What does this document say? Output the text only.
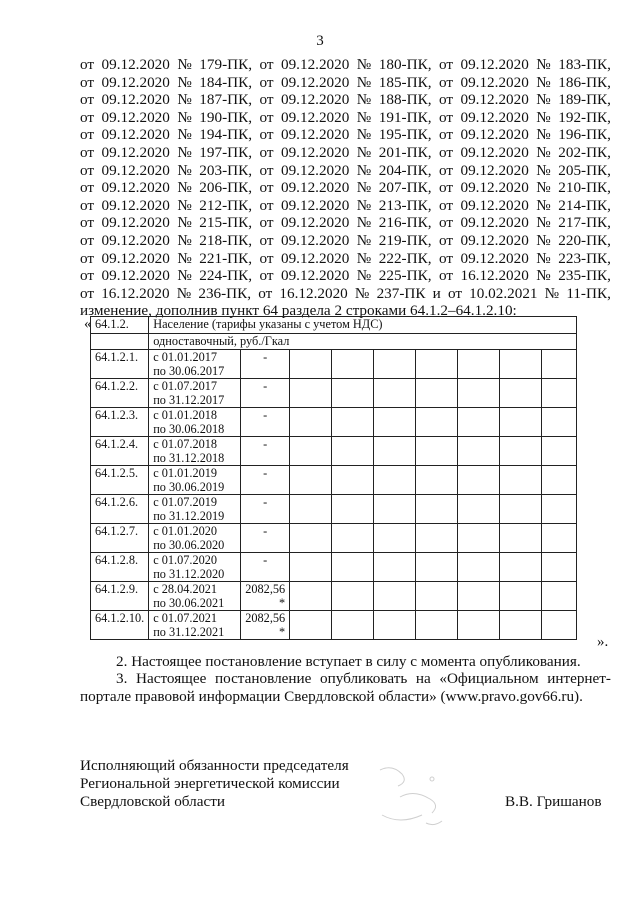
3
от 09.12.2020 № 179-ПК, от 09.12.2020 № 180-ПК, от 09.12.2020 № 183-ПК,
от 09.12.2020 № 184-ПК, от 09.12.2020 № 185-ПК, от 09.12.2020 № 186-ПК,
от 09.12.2020 № 187-ПК, от 09.12.2020 № 188-ПК, от 09.12.2020 № 189-ПК,
от 09.12.2020 № 190-ПК, от 09.12.2020 № 191-ПК, от 09.12.2020 № 192-ПК,
от 09.12.2020 № 194-ПК, от 09.12.2020 № 195-ПК, от 09.12.2020 № 196-ПК,
от 09.12.2020 № 197-ПК, от 09.12.2020 № 201-ПК, от 09.12.2020 № 202-ПК,
от 09.12.2020 № 203-ПК, от 09.12.2020 № 204-ПК, от 09.12.2020 № 205-ПК,
от 09.12.2020 № 206-ПК, от 09.12.2020 № 207-ПК, от 09.12.2020 № 210-ПК,
от 09.12.2020 № 212-ПК, от 09.12.2020 № 213-ПК, от 09.12.2020 № 214-ПК,
от 09.12.2020 № 215-ПК, от 09.12.2020 № 216-ПК, от 09.12.2020 № 217-ПК,
от 09.12.2020 № 218-ПК, от 09.12.2020 № 219-ПК, от 09.12.2020 № 220-ПК,
от 09.12.2020 № 221-ПК, от 09.12.2020 № 222-ПК, от 09.12.2020 № 223-ПК,
от 09.12.2020 № 224-ПК, от 09.12.2020 № 225-ПК, от 16.12.2020 № 235-ПК,
от 16.12.2020 № 236-ПК, от 16.12.2020 № 237-ПК и от 10.02.2021 № 11-ПК,
изменение, дополнив пункт 64 раздела 2 строками 64.1.2–64.1.2.10:
« 64.1.2.	Население (тарифы указаны с учетом НДС)								
	одноставочный, руб./Гкал								
64.1.2.1.	с 01.01.2017
по 30.06.2017	-							
64.1.2.2.	с 01.07.2017
по 31.12.2017	-							
64.1.2.3.	с 01.01.2018
по 30.06.2018	-							
64.1.2.4.	с 01.07.2018
по 31.12.2018	-							
64.1.2.5.	с 01.01.2019
по 30.06.2019	-							
64.1.2.6.	с 01.07.2019
по 31.12.2019	-							
64.1.2.7.	с 01.01.2020
по 30.06.2020	-							
64.1.2.8.	с 01.07.2020
по 31.12.2020	-							
64.1.2.9.	с 28.04.2021
по 30.06.2021	2082,56 *							
64.1.2.10.	с 01.07.2021
по 31.12.2021	2082,56 *							
».
2. Настоящее постановление вступает в силу с момента опубликования.
3. Настоящее постановление опубликовать на «Официальном интернет-
портале правовой информации Свердловской области» (www.pravo.gov66.ru).
Исполняющий обязанности председателя
Региональной энергетической комиссии
Свердловской области	В.В. Гришанов
